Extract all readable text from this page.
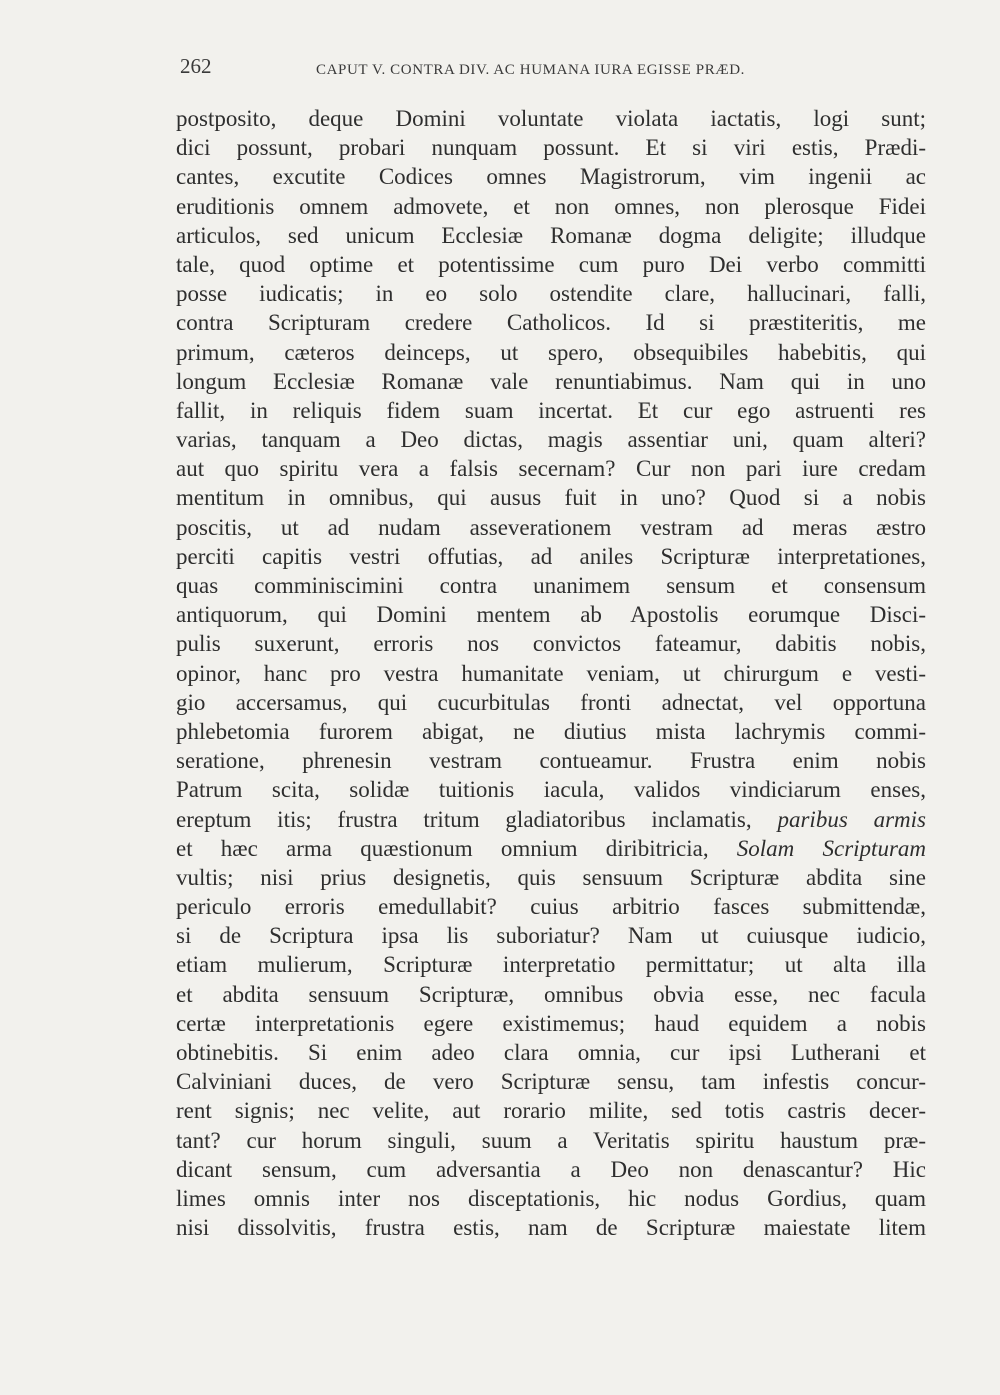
262	CAPUT V. CONTRA DIV. AC HUMANA IURA EGISSE PRÆD.
postposito, deque Domini voluntate violata iactatis, logi sunt;
dici possunt, probari nunquam possunt. Et si viri estis, Prædi-
cantes, excutite Codices omnes Magistrorum, vim ingenii ac
eruditionis omnem admovete, et non omnes, non plerosque Fidei
articulos, sed unicum Ecclesiæ Romanæ dogma deligite; illudque
tale, quod optime et potentissime cum puro Dei verbo committi
posse iudicatis; in eo solo ostendite clare, hallucinari, falli,
contra Scripturam credere Catholicos. Id si præstiteritis, me
primum, cæteros deinceps, ut spero, obsequibiles habebitis, qui
longum Ecclesiæ Romanæ vale renuntiabimus. Nam qui in uno
fallit, in reliquis fidem suam incertat. Et cur ego astruenti res
varias, tanquam a Deo dictas, magis assentiar uni, quam alteri?
aut quo spiritu vera a falsis secernam? Cur non pari iure credam
mentitum in omnibus, qui ausus fuit in uno? Quod si a nobis
poscitis, ut ad nudam asseverationem vestram ad meras æstro
perciti capitis vestri offutias, ad aniles Scripturæ interpretationes,
quas comminiscimini contra unanimem sensum et consensum
antiquorum, qui Domini mentem ab Apostolis eorumque Disci-
pulis suxerunt, erroris nos convictos fateamur, dabitis nobis,
opinor, hanc pro vestra humanitate veniam, ut chirurgum e vesti-
gio accersamus, qui cucurbitulas fronti adnectat, vel opportuna
phlebetomia furorem abigat, ne diutius mista lachrymis commi-
seratione, phrenesin vestram contueamur. Frustra enim nobis
Patrum scita, solidæ tuitionis iacula, validos vindiciarum enses,
ereptum itis; frustra tritum gladiatoribus inclamatis, paribus armis
et hæc arma quæstionum omnium diribitricia, Solam Scripturam
vultis; nisi prius designetis, quis sensuum Scripturæ abdita sine
periculo erroris emedullabit? cuius arbitrio fasces submittendæ,
si de Scriptura ipsa lis suboriatur? Nam ut cuiusque iudicio,
etiam mulierum, Scripturæ interpretatio permittatur; ut alta illa
et abdita sensuum Scripturæ, omnibus obvia esse, nec facula
certæ interpretationis egere existimemus; haud equidem a nobis
obtinebitis. Si enim adeo clara omnia, cur ipsi Lutherani et
Calviniani duces, de vero Scripturæ sensu, tam infestis concur-
rent signis; nec velite, aut rorario milite, sed totis castris decer-
tant? cur horum singuli, suum a Veritatis spiritu haustum præ-
dicant sensum, cum adversantia a Deo non denascantur? Hic
limes omnis inter nos disceptationis, hic nodus Gordius, quam
nisi dissolvitis, frustra estis, nam de Scripturæ maiestate litem
